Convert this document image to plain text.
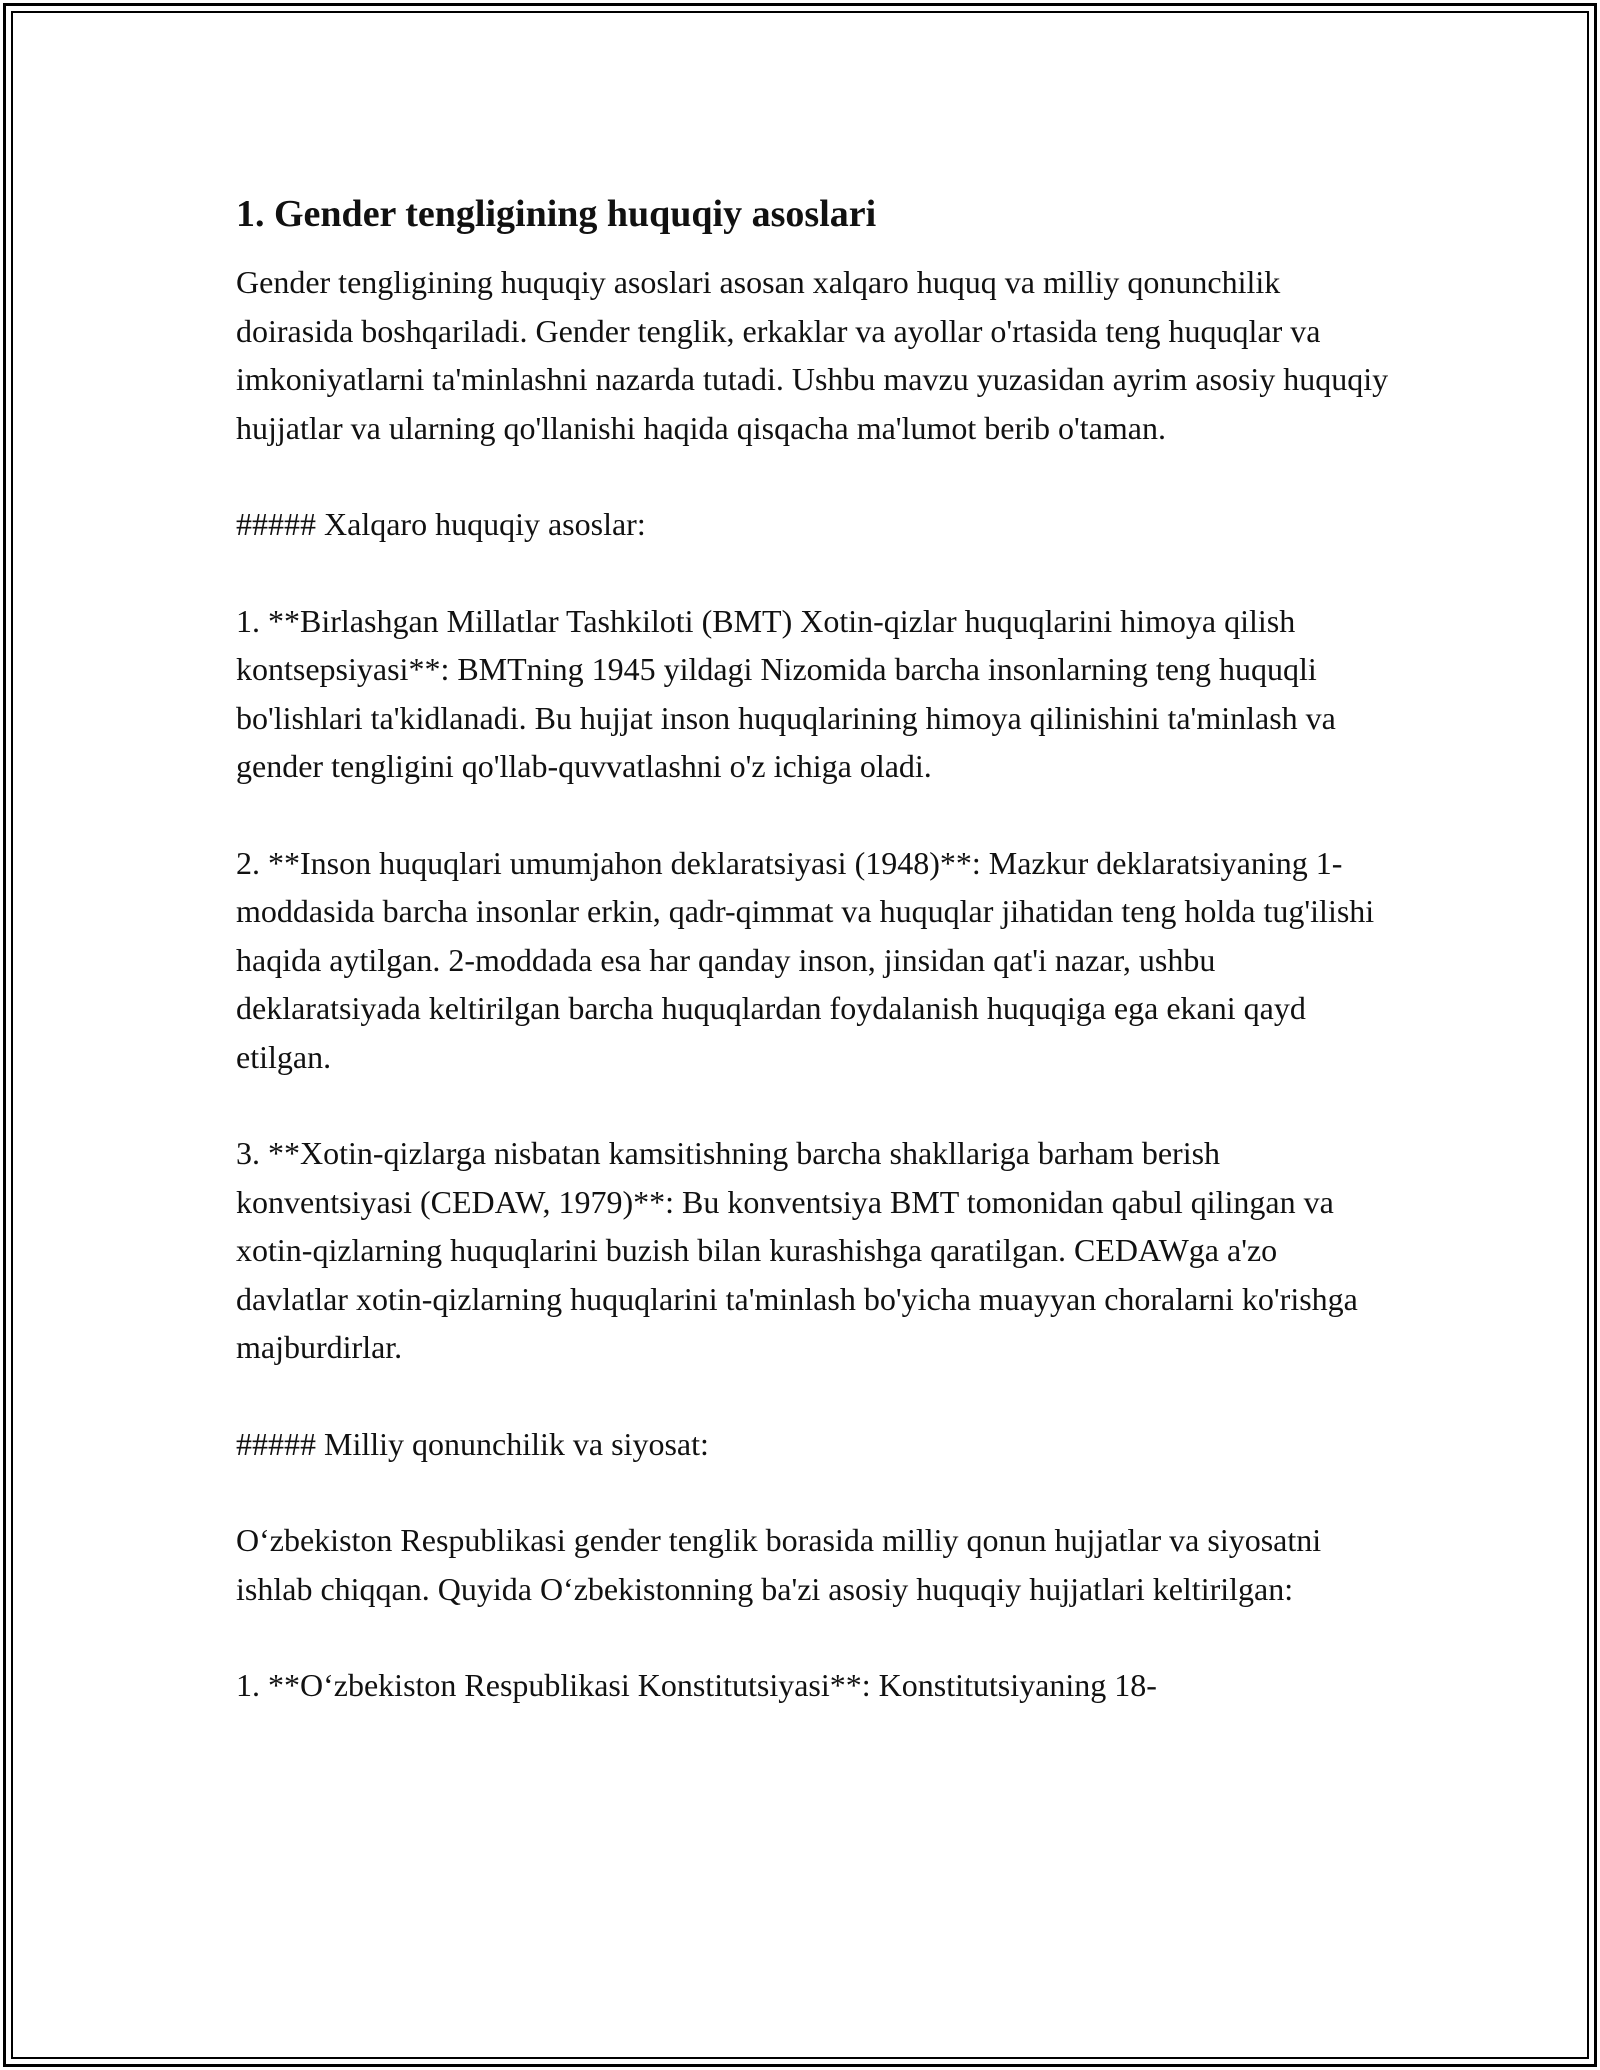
1. Gender tengligining huquqiy asoslari

Gender tengligining huquqiy asoslari asosan xalqaro huquq va milliy qonunchilik doirasida boshqariladi. Gender tenglik, erkaklar va ayollar o'rtasida teng huquqlar va imkoniyatlarni ta'minlashni nazarda tutadi. Ushbu mavzu yuzasidan ayrim asosiy huquqiy hujjatlar va ularning qo'llanishi haqida qisqacha ma'lumot berib o'taman.

##### Xalqaro huquqiy asoslar:

1. **Birlashgan Millatlar Tashkiloti (BMT) Xotin-qizlar huquqlarini himoya qilish kontsepsiyasi**: BMTning 1945 yildagi Nizomida barcha insonlarning teng huquqli bo'lishlari ta'kidlanadi. Bu hujjat inson huquqlarining himoya qilinishini ta'minlash va gender tengligini qo'llab-quvvatlashni o'z ichiga oladi.

2. **Inson huquqlari umumjahon deklaratsiyasi (1948)**: Mazkur deklaratsiyaning 1-moddasida barcha insonlar erkin, qadr-qimmat va huquqlar jihatidan teng holda tug'ilishi haqida aytilgan. 2-moddada esa har qanday inson, jinsidan qat'i nazar, ushbu deklaratsiyada keltirilgan barcha huquqlardan foydalanish huquqiga ega ekani qayd etilgan.

3. **Xotin-qizlarga nisbatan kamsitishning barcha shakllariga barham berish konventsiyasi (CEDAW, 1979)**: Bu konventsiya BMT tomonidan qabul qilingan va xotin-qizlarning huquqlarini buzish bilan kurashishga qaratilgan. CEDAWga a'zo davlatlar xotin-qizlarning huquqlarini ta'minlash bo'yicha muayyan choralarni ko'rishga majburdirlar.

##### Milliy qonunchilik va siyosat:

O‘zbekiston Respublikasi gender tenglik borasida milliy qonun hujjatlar va siyosatni ishlab chiqqan. Quyida O‘zbekistonning ba'zi asosiy huquqiy hujjatlari keltirilgan:

1. **O‘zbekiston Respublikasi Konstitutsiyasi**: Konstitutsiyaning 18-
